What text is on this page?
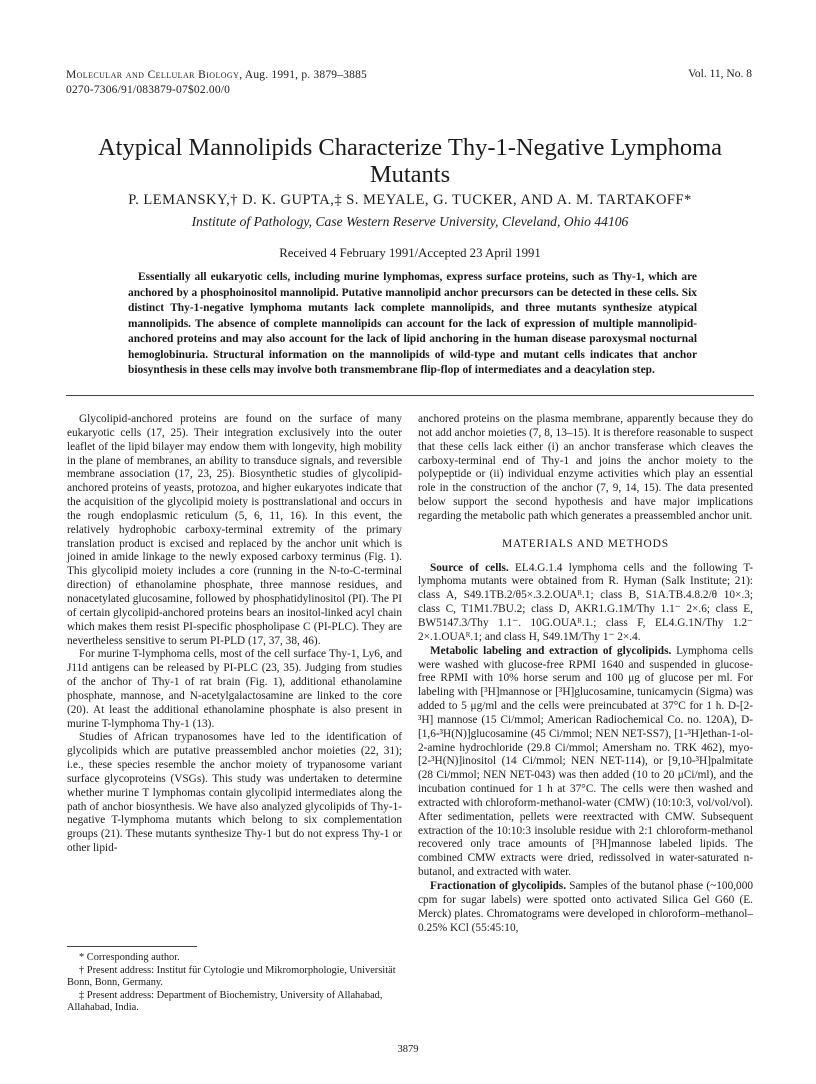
Molecular and Cellular Biology, Aug. 1991, p. 3879–3885
0270-7306/91/083879-07$02.00/0
Vol. 11, No. 8
Atypical Mannolipids Characterize Thy-1-Negative Lymphoma Mutants
P. LEMANSKY,† D. K. GUPTA,‡ S. MEYALE, G. TUCKER, AND A. M. TARTAKOFF*
Institute of Pathology, Case Western Reserve University, Cleveland, Ohio 44106
Received 4 February 1991/Accepted 23 April 1991
Essentially all eukaryotic cells, including murine lymphomas, express surface proteins, such as Thy-1, which are anchored by a phosphoinositol mannolipid. Putative mannolipid anchor precursors can be detected in these cells. Six distinct Thy-1-negative lymphoma mutants lack complete mannolipids, and three mutants synthesize atypical mannolipids. The absence of complete mannolipids can account for the lack of expression of multiple mannolipid-anchored proteins and may also account for the lack of lipid anchoring in the human disease paroxysmal nocturnal hemoglobinuria. Structural information on the mannolipids of wild-type and mutant cells indicates that anchor biosynthesis in these cells may involve both transmembrane flip-flop of intermediates and a deacylation step.

Glycolipid-anchored proteins are found on the surface of many eukaryotic cells (17, 25). Their integration exclusively into the outer leaflet of the lipid bilayer may endow them with longevity, high mobility in the plane of membranes, an ability to transduce signals, and reversible membrane association (17, 23, 25). Biosynthetic studies of glycolipid-anchored proteins of yeasts, protozoa, and higher eukaryotes indicate that the acquisition of the glycolipid moiety is posttranslational and occurs in the rough endoplasmic reticulum (5, 6, 11, 16). In this event, the relatively hydrophobic carboxy-terminal extremity of the primary translation product is excised and replaced by the anchor unit which is joined in amide linkage to the newly exposed carboxy terminus (Fig. 1). This glycolipid moiety includes a core (running in the N-to-C-terminal direction) of ethanolamine phosphate, three mannose residues, and nonacetylated glucosamine, followed by phosphatidylinositol (PI). The PI of certain glycolipid-anchored proteins bears an inositol-linked acyl chain which makes them resist PI-specific phospholipase C (PI-PLC). They are nevertheless sensitive to serum PI-PLD (17, 37, 38, 46).

For murine T-lymphoma cells, most of the cell surface Thy-1, Ly6, and J11d antigens can be released by PI-PLC (23, 35). Judging from studies of the anchor of Thy-1 of rat brain (Fig. 1), additional ethanolamine phosphate, mannose, and N-acetylgalactosamine are linked to the core (20). At least the additional ethanolamine phosphate is also present in murine T-lymphoma Thy-1 (13).

Studies of African trypanosomes have led to the identification of glycolipids which are putative preassembled anchor moieties (22, 31); i.e., these species resemble the anchor moiety of trypanosome variant surface glycoproteins (VSGs). This study was undertaken to determine whether murine T lymphomas contain glycolipid intermediates along the path of anchor biosynthesis. We have also analyzed glycolipids of Thy-1-negative T-lymphoma mutants which belong to six complementation groups (21). These mutants synthesize Thy-1 but do not express Thy-1 or other lipid-

* Corresponding author.
† Present address: Institut für Cytologie und Mikromorphologie, Universität Bonn, Bonn, Germany.
‡ Present address: Department of Biochemistry, University of Allahabad, Allahabad, India.

anchored proteins on the plasma membrane, apparently because they do not add anchor moieties (7, 8, 13–15). It is therefore reasonable to suspect that these cells lack either (i) an anchor transferase which cleaves the carboxy-terminal end of Thy-1 and joins the anchor moiety to the polypeptide or (ii) individual enzyme activities which play an essential role in the construction of the anchor (7, 9, 14, 15). The data presented below support the second hypothesis and have major implications regarding the metabolic path which generates a preassembled anchor unit.

MATERIALS AND METHODS

Source of cells. EL4.G.1.4 lymphoma cells and the following T-lymphoma mutants were obtained from R. Hyman (Salk Institute; 21): class A, S49.1TB.2/θ5×.3.2.OUAᴿ.1; class B, S1A.TB.4.8.2/θ 10×.3; class C, T1M1.7BU.2; class D, AKR1.G.1M/Thy 1.1⁻ 2×.6; class E, BW5147.3/Thy 1.1⁻. 10G.OUAᴿ.1.; class F, EL4.G.1N/Thy 1.2⁻ 2×.1.OUAᴿ.1; and class H, S49.1M/Thy 1⁻ 2×.4.

Metabolic labeling and extraction of glycolipids. Lymphoma cells were washed with glucose-free RPMI 1640 and suspended in glucose-free RPMI with 10% horse serum and 100 μg of glucose per ml. For labeling with [³H]mannose or [³H]glucosamine, tunicamycin (Sigma) was added to 5 μg/ml and the cells were preincubated at 37°C for 1 h. D-[2-³H] mannose (15 Ci/mmol; American Radiochemical Co. no. 120A), D-[1,6-³H(N)]glucosamine (45 Ci/mmol; NEN NET-SS7), [1-³H]ethan-1-ol-2-amine hydrochloride (29.8 Ci/mmol; Amersham no. TRK 462), myo-[2-³H(N)]inositol (14 Ci/mmol; NEN NET-114), or [9,10-³H]palmitate (28 Ci/mmol; NEN NET-043) was then added (10 to 20 μCi/ml), and the incubation continued for 1 h at 37°C. The cells were then washed and extracted with chloroform-methanol-water (CMW) (10:10:3, vol/vol/vol). After sedimentation, pellets were reextracted with CMW. Subsequent extraction of the 10:10:3 insoluble residue with 2:1 chloroform-methanol recovered only trace amounts of [³H]mannose labeled lipids. The combined CMW extracts were dried, redissolved in water-saturated n-butanol, and extracted with water.

Fractionation of glycolipids. Samples of the butanol phase (~100,000 cpm for sugar labels) were spotted onto activated Silica Gel G60 (E. Merck) plates. Chromatograms were developed in chloroform–methanol–0.25% KCl (55:45:10,

3879
